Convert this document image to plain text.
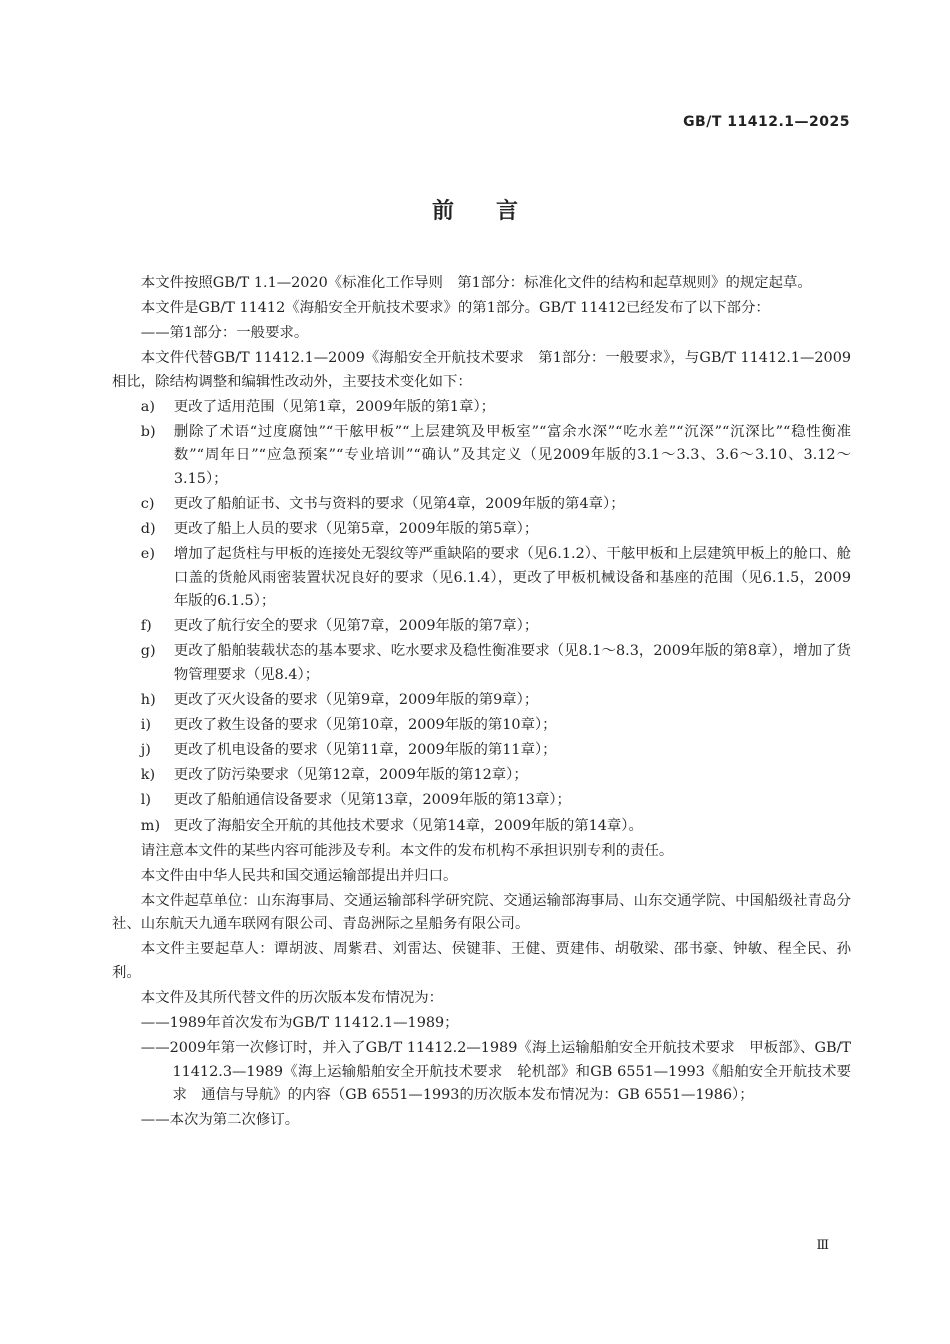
GB/T 11412.1—2025
前言

本文件按照GB/T 1.1—2020《标准化工作导则　第1部分：标准化文件的结构和起草规则》的规定起草。

本文件是GB/T 11412《海船安全开航技术要求》的第1部分。GB/T 11412已经发布了以下部分：

——第1部分：一般要求。

本文件代替GB/T 11412.1—2009《海船安全开航技术要求　第1部分：一般要求》，与GB/T 11412.1—2009相比，除结构调整和编辑性改动外，主要技术变化如下：

a)	更改了适用范围（见第1章，2009年版的第1章）；
b)	删除了术语“过度腐蚀”“干舷甲板”“上层建筑及甲板室”“富余水深”“吃水差”“沉深”“沉深比”“稳性衡准数”“周年日”“应急预案”“专业培训”“确认”及其定义（见2009年版的3.1～3.3、3.6～3.10、3.12～3.15）；
c)	更改了船舶证书、文书与资料的要求（见第4章，2009年版的第4章）；
d)	更改了船上人员的要求（见第5章，2009年版的第5章）；
e)	增加了起货柱与甲板的连接处无裂纹等严重缺陷的要求（见6.1.2）、干舷甲板和上层建筑甲板上的舱口、舱口盖的货舱风雨密装置状况良好的要求（见6.1.4），更改了甲板机械设备和基座的范围（见6.1.5，2009年版的6.1.5）；
f)	更改了航行安全的要求（见第7章，2009年版的第7章）；
g)	更改了船舶装载状态的基本要求、吃水要求及稳性衡准要求（见8.1～8.3，2009年版的第8章），增加了货物管理要求（见8.4）；
h)	更改了灭火设备的要求（见第9章，2009年版的第9章）；
i)	更改了救生设备的要求（见第10章，2009年版的第10章）；
j)	更改了机电设备的要求（见第11章，2009年版的第11章）；
k)	更改了防污染要求（见第12章，2009年版的第12章）；
l)	更改了船舶通信设备要求（见第13章，2009年版的第13章）；
m) 更改了海船安全开航的其他技术要求（见第14章，2009年版的第14章）。

请注意本文件的某些内容可能涉及专利。本文件的发布机构不承担识别专利的责任。

本文件由中华人民共和国交通运输部提出并归口。

本文件起草单位：山东海事局、交通运输部科学研究院、交通运输部海事局、山东交通学院、中国船级社青岛分社、山东航天九通车联网有限公司、青岛洲际之星船务有限公司。

本文件主要起草人：谭胡波、周紫君、刘雷达、侯键菲、王健、贾建伟、胡敬梁、邵书豪、钟敏、程全民、孙利。

本文件及其所代替文件的历次版本发布情况为：

——1989年首次发布为GB/T 11412.1—1989；

——2009年第一次修订时，并入了GB/T 11412.2—1989《海上运输船舶安全开航技术要求　甲板部》、GB/T 11412.3—1989《海上运输船舶安全开航技术要求　轮机部》和GB 6551—1993《船舶安全开航技术要求　通信与导航》的内容（GB 6551—1993的历次版本发布情况为：GB 6551—1986）；

——本次为第二次修订。

Ⅲ
